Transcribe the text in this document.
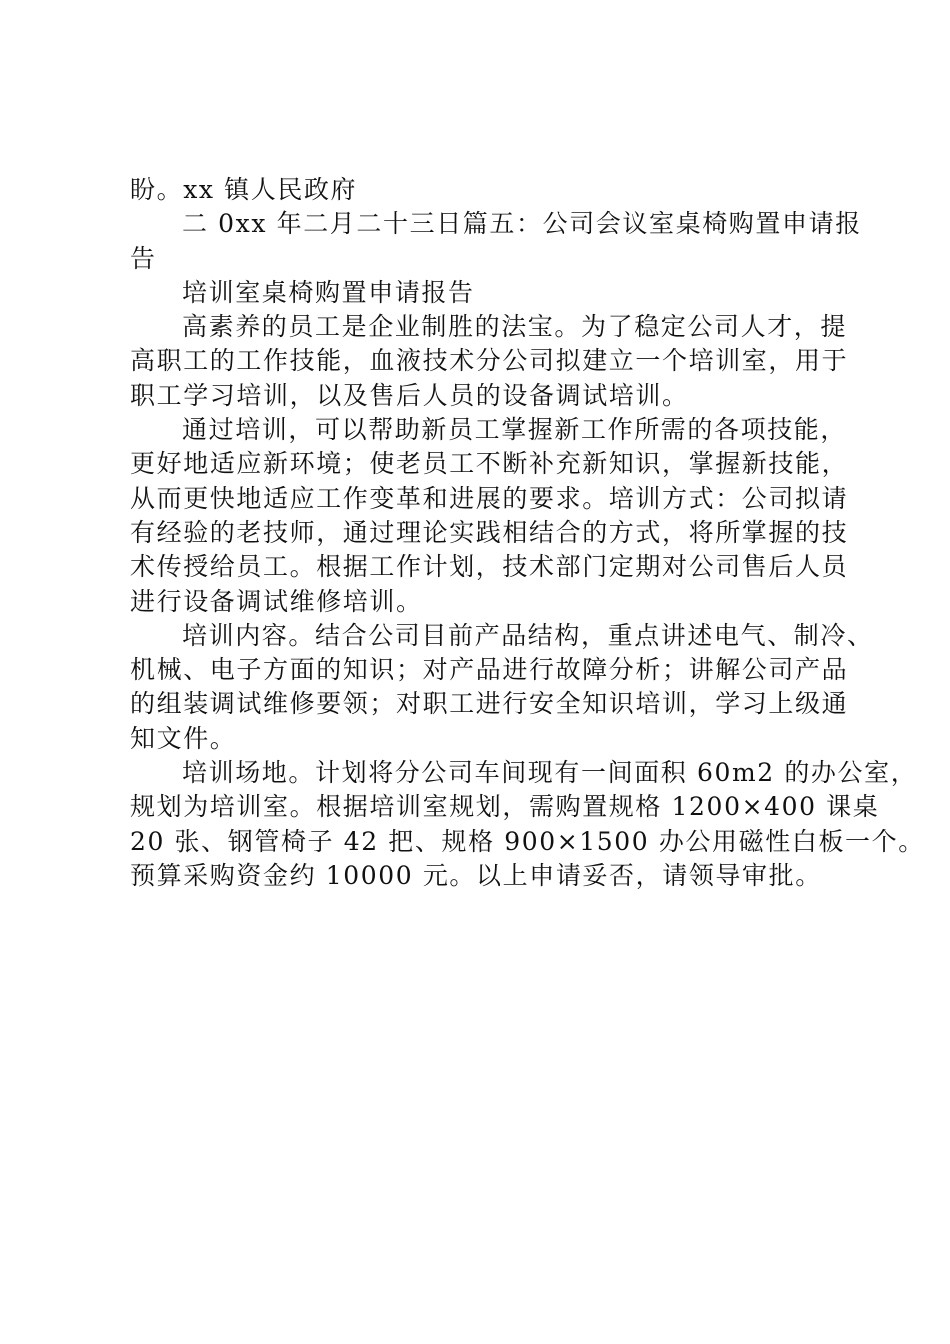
盼。xx 镇人民政府
二 0xx 年二月二十三日篇五：公司会议室桌椅购置申请报
告
培训室桌椅购置申请报告
高素养的员工是企业制胜的法宝。为了稳定公司人才，提
高职工的工作技能，血液技术分公司拟建立一个培训室，用于
职工学习培训，以及售后人员的设备调试培训。
通过培训，可以帮助新员工掌握新工作所需的各项技能，
更好地适应新环境；使老员工不断补充新知识，掌握新技能，
从而更快地适应工作变革和进展的要求。培训方式：公司拟请
有经验的老技师，通过理论实践相结合的方式，将所掌握的技
术传授给员工。根据工作计划，技术部门定期对公司售后人员
进行设备调试维修培训。
培训内容。结合公司目前产品结构，重点讲述电气、制冷、
机械、电子方面的知识；对产品进行故障分析；讲解公司产品
的组装调试维修要领；对职工进行安全知识培训，学习上级通
知文件。
培训场地。计划将分公司车间现有一间面积 60m2 的办公室，
规划为培训室。根据培训室规划，需购置规格 1200×400 课桌
20 张、钢管椅子 42 把、规格 900×1500 办公用磁性白板一个。
预算采购资金约 10000 元。以上申请妥否，请领导审批。
